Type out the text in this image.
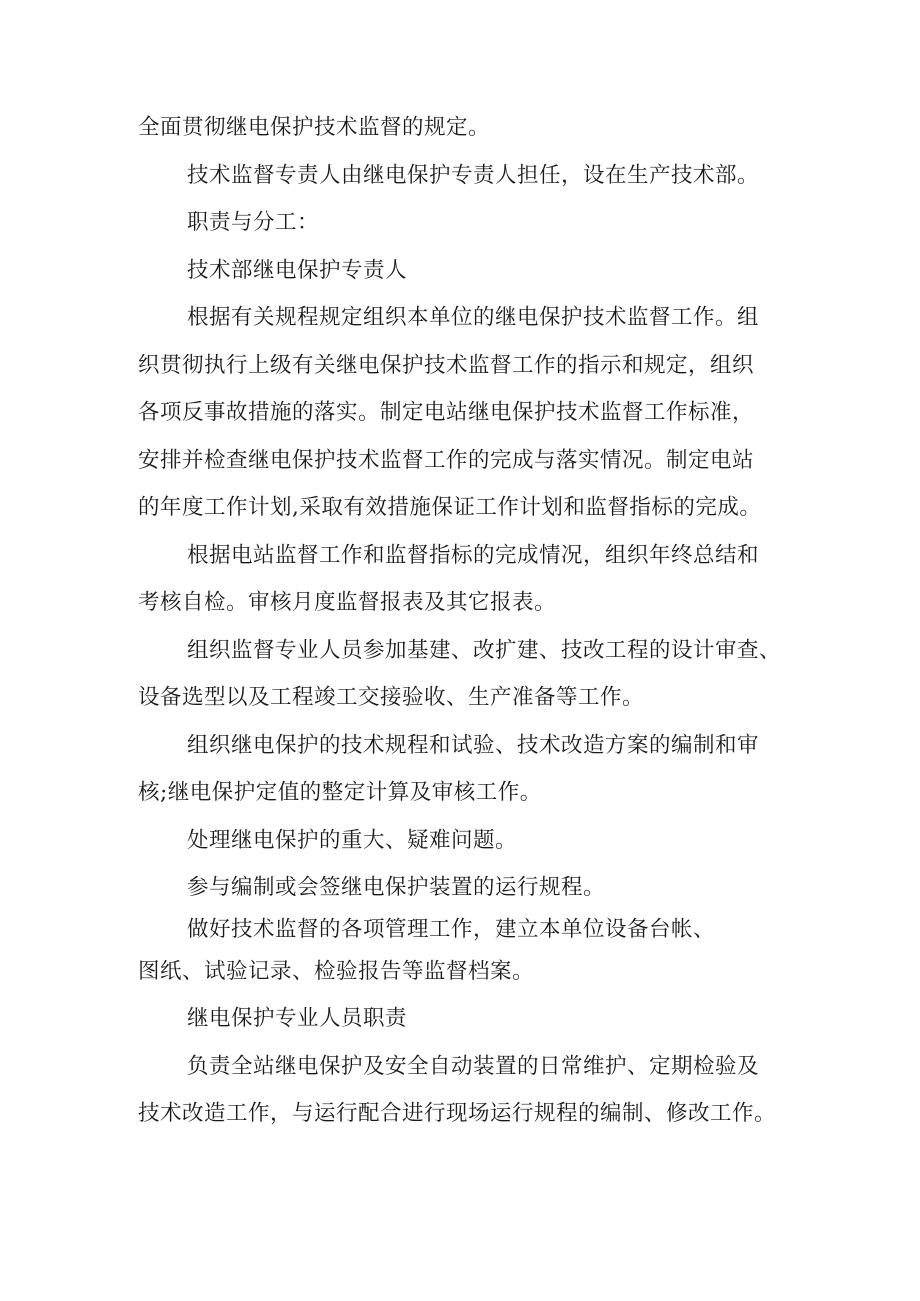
全面贯彻继电保护技术监督的规定。

技术监督专责人由继电保护专责人担任，设在生产技术部。

职责与分工：

技术部继电保护专责人

根据有关规程规定组织本单位的继电保护技术监督工作。组

织贯彻执行上级有关继电保护技术监督工作的指示和规定，组织

各项反事故措施的落实。制定电站继电保护技术监督工作标准，

安排并检查继电保护技术监督工作的完成与落实情况。制定电站

的年度工作计划,采取有效措施保证工作计划和监督指标的完成。

根据电站监督工作和监督指标的完成情况，组织年终总结和

考核自检。审核月度监督报表及其它报表。

组织监督专业人员参加基建、改扩建、技改工程的设计审查、

设备选型以及工程竣工交接验收、生产准备等工作。

组织继电保护的技术规程和试验、技术改造方案的编制和审

核;继电保护定值的整定计算及审核工作。

处理继电保护的重大、疑难问题。

参与编制或会签继电保护装置的运行规程。

做好技术监督的各项管理工作，建立本单位设备台帐、

图纸、试验记录、检验报告等监督档案。

继电保护专业人员职责

负责全站继电保护及安全自动装置的日常维护、定期检验及

技术改造工作，与运行配合进行现场运行规程的编制、修改工作。
